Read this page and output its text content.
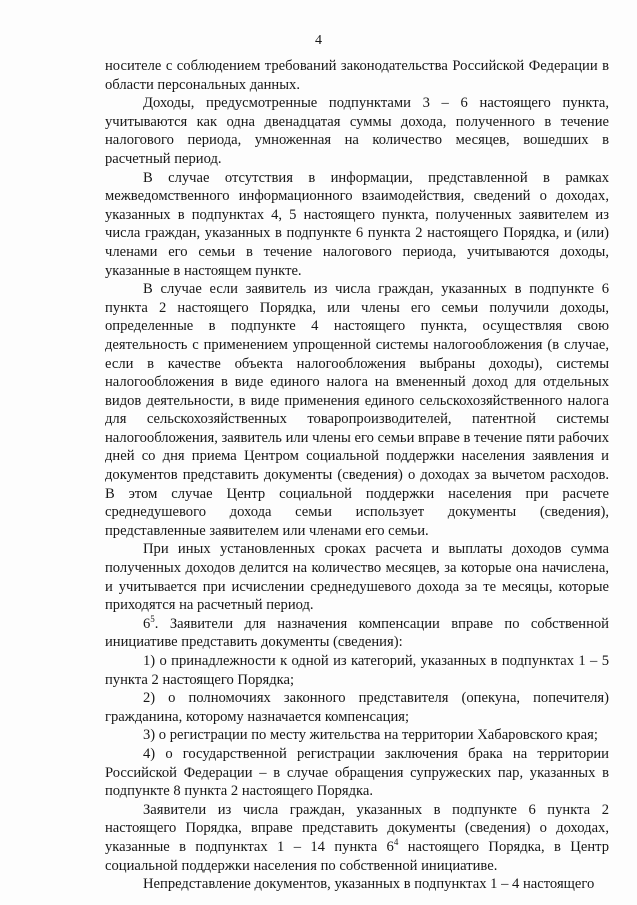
4

носителе с соблюдением требований законодательства Российской Федерации в области персональных данных.

Доходы, предусмотренные подпунктами 3 – 6 настоящего пункта, учитываются как одна двенадцатая суммы дохода, полученного в течение налогового периода, умноженная на количество месяцев, вошедших в расчетный период.

В случае отсутствия в информации, представленной в рамках межведомственного информационного взаимодействия, сведений о доходах, указанных в подпунктах 4, 5 настоящего пункта, полученных заявителем из числа граждан, указанных в подпункте 6 пункта 2 настоящего Порядка, и (или) членами его семьи в течение налогового периода, учитываются доходы, указанные в настоящем пункте.

В случае если заявитель из числа граждан, указанных в подпункте 6 пункта 2 настоящего Порядка, или члены его семьи получили доходы, определенные в подпункте 4 настоящего пункта, осуществляя свою деятельность с применением упрощенной системы налогообложения (в случае, если в качестве объекта налогообложения выбраны доходы), системы налогообложения в виде единого налога на вмененный доход для отдельных видов деятельности, в виде применения единого сельскохозяйственного налога для сельскохозяйственных товаропроизводителей, патентной системы налогообложения, заявитель или члены его семьи вправе в течение пяти рабочих дней со дня приема Центром социальной поддержки населения заявления и документов представить документы (сведения) о доходах за вычетом расходов. В этом случае Центр социальной поддержки населения при расчете среднедушевого дохода семьи использует документы (сведения), представленные заявителем или членами его семьи.

При иных установленных сроках расчета и выплаты доходов сумма полученных доходов делится на количество месяцев, за которые она начислена, и учитывается при исчислении среднедушевого дохода за те месяцы, которые приходятся на расчетный период.

$6^5$. Заявители для назначения компенсации вправе по собственной инициативе представить документы (сведения):

1) о принадлежности к одной из категорий, указанных в подпунктах 1 – 5 пункта 2 настоящего Порядка;

2) о полномочиях законного представителя (опекуна, попечителя) гражданина, которому назначается компенсация;

3) о регистрации по месту жительства на территории Хабаровского края;

4) о государственной регистрации заключения брака на территории Российской Федерации – в случае обращения супружеских пар, указанных в подпункте 8 пункта 2 настоящего Порядка.

Заявители из числа граждан, указанных в подпункте 6 пункта 2 настоящего Порядка, вправе представить документы (сведения) о доходах, указанные в подпунктах 1 – 14 пункта $6^4$ настоящего Порядка, в Центр социальной поддержки населения по собственной инициативе.

Непредставление документов, указанных в подпунктах 1 – 4 настоящего
